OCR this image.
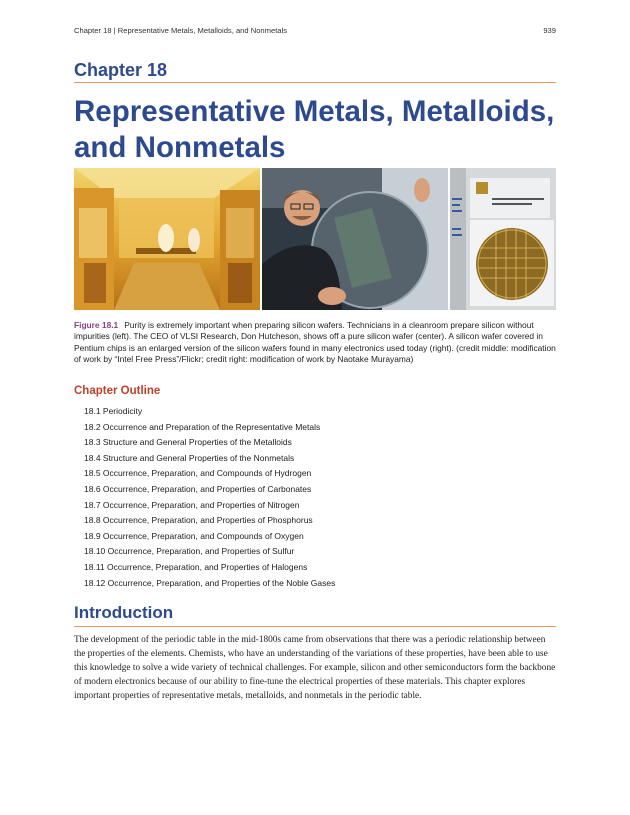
Chapter 18 | Representative Metals, Metalloids, and Nonmetals	939
Chapter 18
Representative Metals, Metalloids, and Nonmetals
Figure 18.1 Purity is extremely important when preparing silicon wafers. Technicians in a cleanroom prepare silicon without impurities (left). The CEO of VLSI Research, Don Hutcheson, shows off a pure silicon wafer (center). A silicon wafer covered in Pentium chips is an enlarged version of the silicon wafers found in many electronics used today (right). (credit middle: modification of work by “Intel Free Press”/Flickr; credit right: modification of work by Naotake Murayama)
Chapter Outline
18.1 Periodicity
18.2 Occurrence and Preparation of the Representative Metals
18.3 Structure and General Properties of the Metalloids
18.4 Structure and General Properties of the Nonmetals
18.5 Occurrence, Preparation, and Compounds of Hydrogen
18.6 Occurrence, Preparation, and Properties of Carbonates
18.7 Occurrence, Preparation, and Properties of Nitrogen
18.8 Occurrence, Preparation, and Properties of Phosphorus
18.9 Occurrence, Preparation, and Compounds of Oxygen
18.10 Occurrence, Preparation, and Properties of Sulfur
18.11 Occurrence, Preparation, and Properties of Halogens
18.12 Occurrence, Preparation, and Properties of the Noble Gases
Introduction

The development of the periodic table in the mid-1800s came from observations that there was a periodic relationship between the properties of the elements. Chemists, who have an understanding of the variations of these properties, have been able to use this knowledge to solve a wide variety of technical challenges. For example, silicon and other semiconductors form the backbone of modern electronics because of our ability to fine-tune the electrical properties of these materials. This chapter explores important properties of representative metals, metalloids, and nonmetals in the periodic table.
